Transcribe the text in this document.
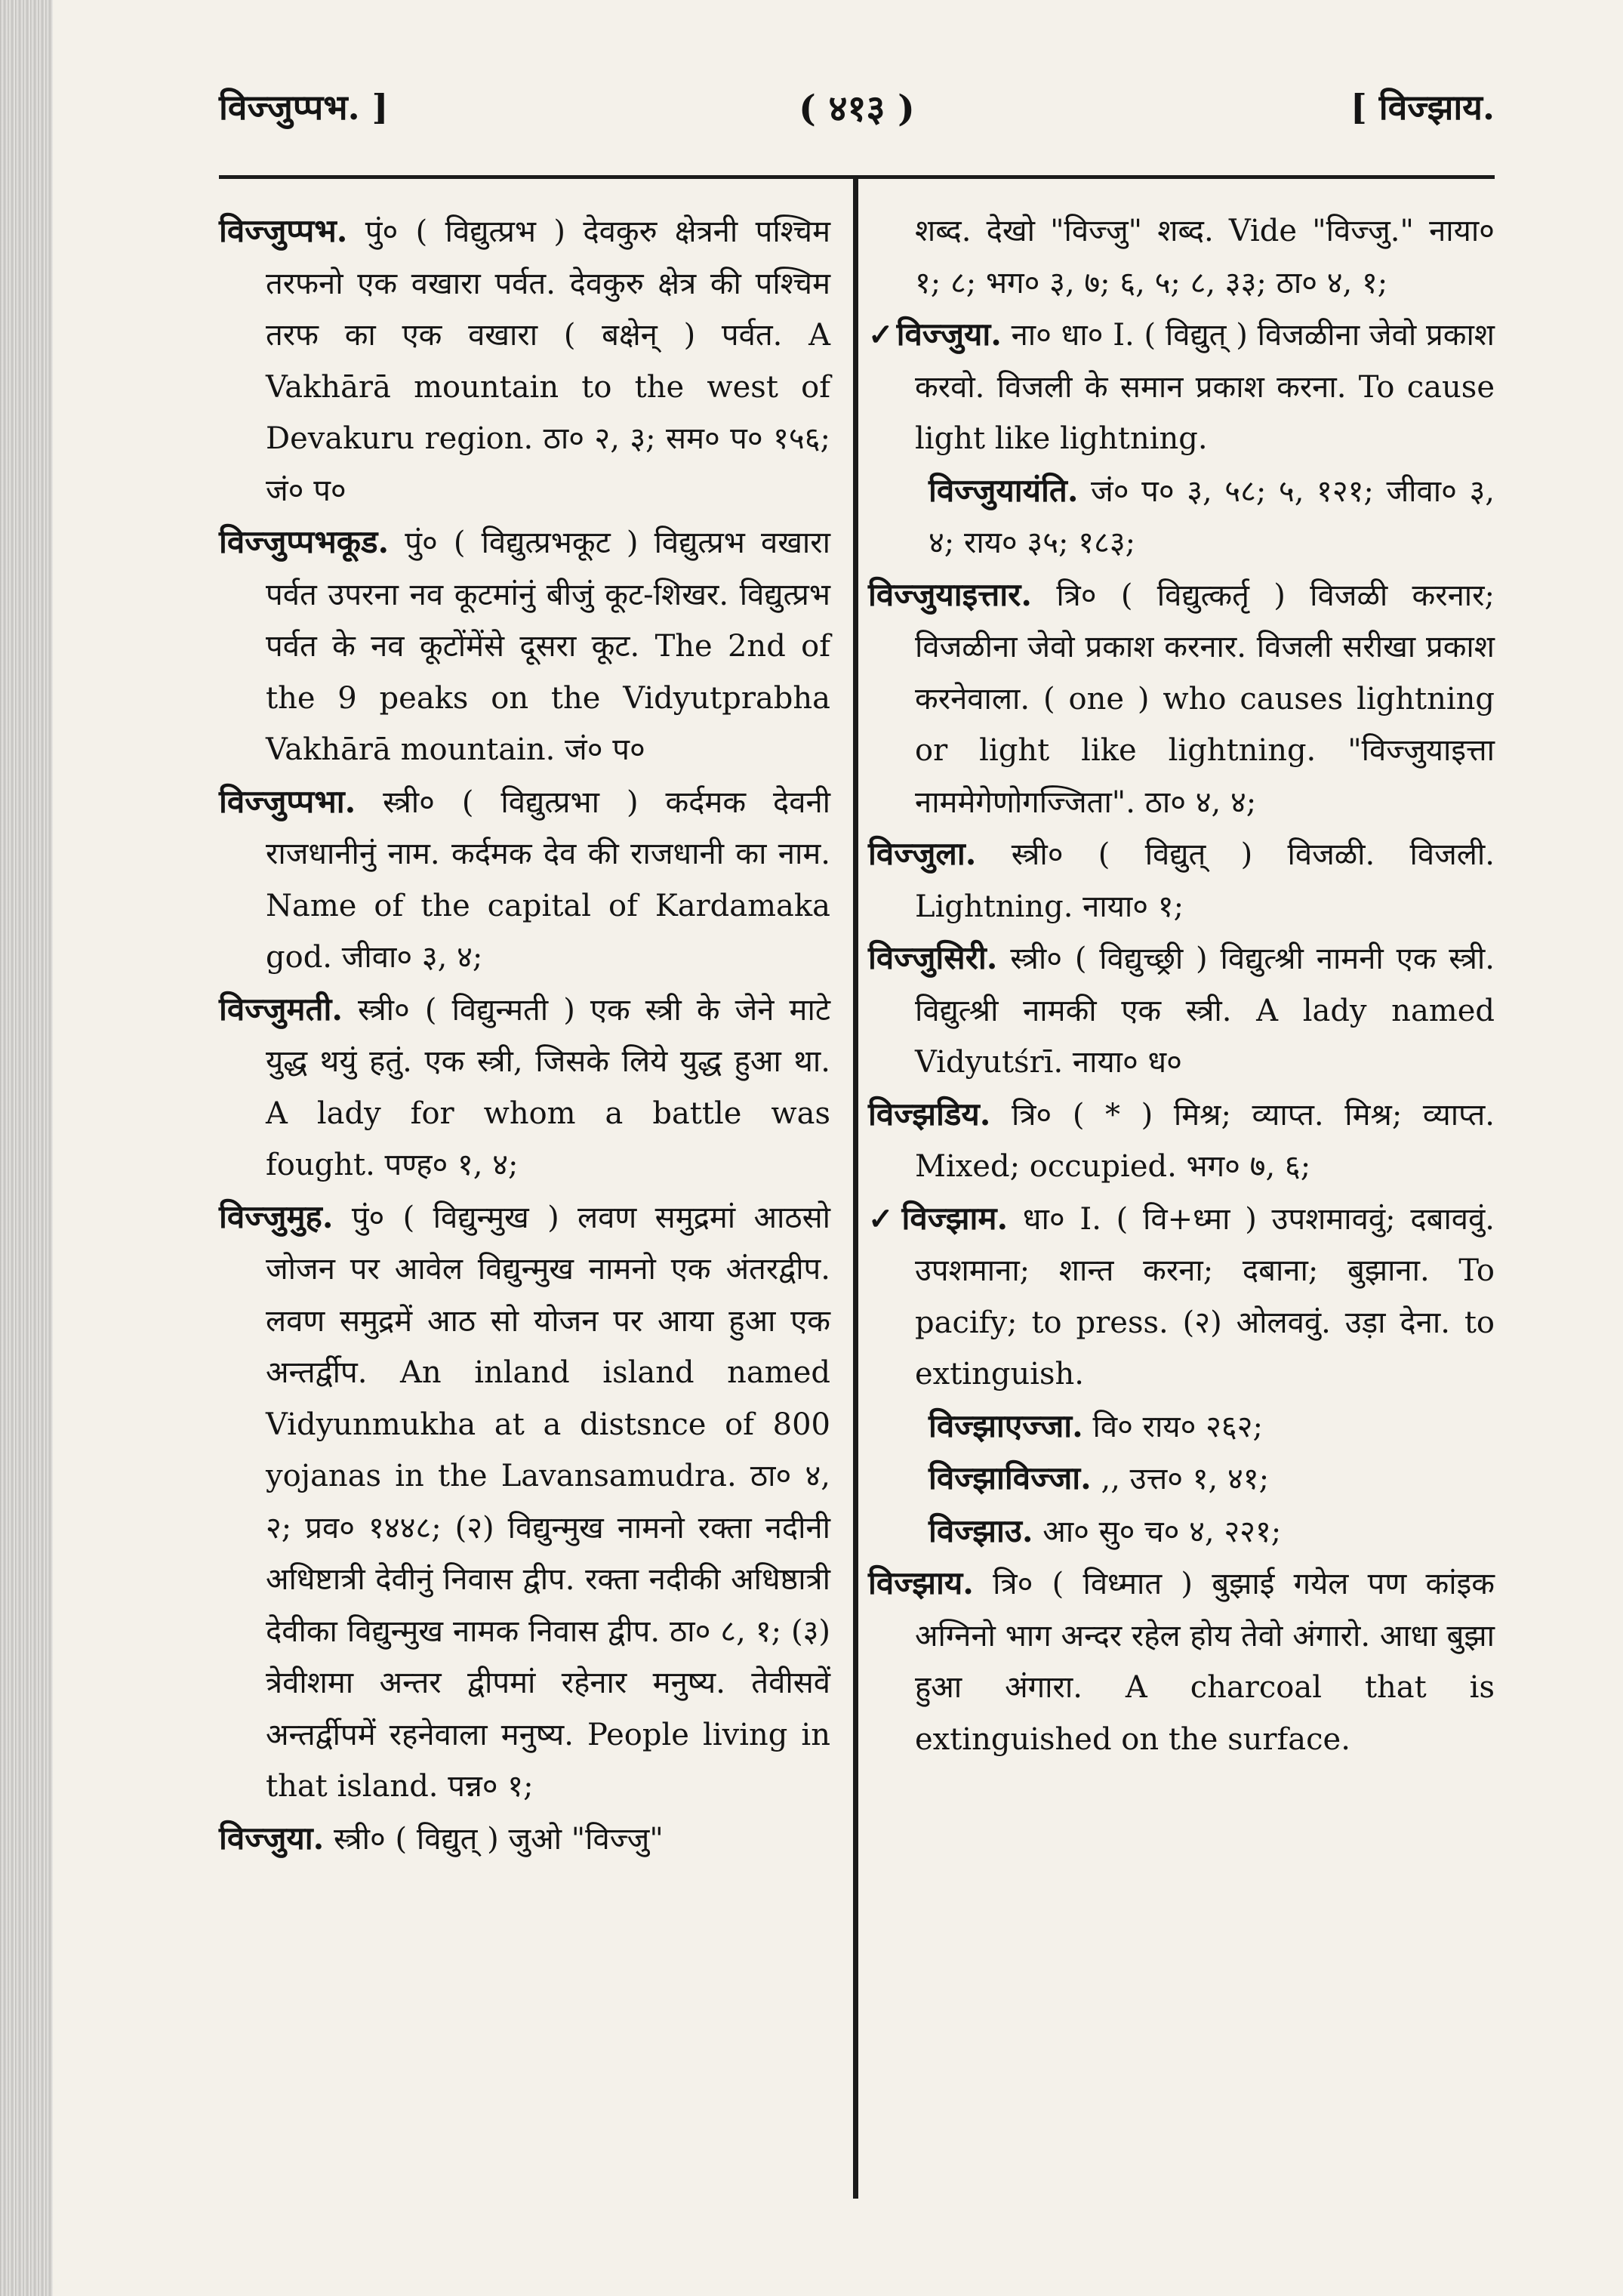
विज्जुप्पभ. ]	( ४१३ )	[ विज्झाय.

विज्जुप्पभ. पुं० ( विद्युत्प्रभ ) देवकुरु क्षेत्रनी पश्चिम तरफनो एक वखारा पर्वत. देवकुरु क्षेत्र की पश्चिम तरफ का एक वखारा ( बक्षेन् ) पर्वत. A Vakhārā mountain to the west of Devakuru region. ठा० २, ३; सम० प० १५६; जं० प०

विज्जुप्पभकूड. पुं० ( विद्युत्प्रभकूट ) विद्युत्प्रभ वखारा पर्वत उपरना नव कूटमांनुं बीजुं कूट-शिखर. विद्युत्प्रभ पर्वत के नव कूटोंमेंसे दूसरा कूट. The 2nd of the 9 peaks on the Vidyutprabha Vakhārā mountain. जं० प०

विज्जुप्पभा. स्त्री० ( विद्युत्प्रभा ) कर्दमक देवनी राजधानीनुं नाम. कर्दमक देव की राजधानी का नाम. Name of the capital of Kardamaka god. जीवा० ३, ४;

विज्जुमती. स्त्री० ( विद्युन्मती ) एक स्त्री के जेने माटे युद्ध थयुं हतुं. एक स्त्री, जिसके लिये युद्ध हुआ था. A lady for whom a battle was fought. पण्ह० १, ४;

विज्जुमुह. पुं० ( विद्युन्मुख ) लवण समुद्रमां आठसो जोजन पर आवेल विद्युन्मुख नामनो एक अंतरद्वीप. लवण समुद्रमें आठ सो योजन पर आया हुआ एक अन्तर्द्वीप. An inland island named Vidyunmukha at a distsnce of 800 yojanas in the Lavansamudra. ठा० ४, २; प्रव० १४४८; (२) विद्युन्मुख नामनो रक्ता नदीनी अधिष्टात्री देवीनुं निवास द्वीप. रक्ता नदीकी अधिष्ठात्री देवीका विद्युन्मुख नामक निवास द्वीप. ठा० ८, १; (३) त्रेवीशमा अन्तर द्वीपमां रहेनार मनुष्य. तेवीसवें अन्तर्द्वीपमें रहनेवाला मनुष्य. People living in that island. पन्न० १;

विज्जुया. स्त्री० ( विद्युत् ) जुओ "विज्जु"

शब्द. देखो "विज्जु" शब्द. Vide "विज्जु." नाया० १; ८; भग० ३, ७; ६, ५; ८, ३३; ठा० ४, १;

✓विज्जुया. ना० धा० I. ( विद्युत् ) विजळीना जेवो प्रकाश करवो. विजली के समान प्रकाश करना. To cause light like lightning.

विज्जुयायंति. जं० प० ३, ५८; ५, १२१; जीवा० ३, ४; राय० ३५; १८३;

विज्जुयाइत्तार. त्रि० ( विद्युत्कर्तृ ) विजळी करनार; विजळीना जेवो प्रकाश करनार. विजली सरीखा प्रकाश करनेवाला. ( one ) who causes lightning or light like lightning. "विज्जुयाइत्ता नाममेगेणोगज्जिता". ठा० ४, ४;

विज्जुला. स्त्री० ( विद्युत् ) विजळी. विजली. Lightning. नाया० १;

विज्जुसिरी. स्त्री० ( विद्युच्छ्री ) विद्युत्श्री नामनी एक स्त्री. विद्युत्श्री नामकी एक स्त्री. A lady named Vidyutśrī. नाया० ध०

विज्झडिय. त्रि० ( * ) मिश्र; व्याप्त. मिश्र; व्याप्त. Mixed; occupied. भग० ७, ६;

✓विज्झाम. धा० I. ( वि+ध्मा ) उपशमाववुं; दबाववुं. उपशमाना; शान्त करना; दबाना; बुझाना. To pacify; to press. (२) ओलववुं. उड़ा देना. to extinguish.

विज्झाएज्जा. वि० राय० २६२;

विज्झाविज्जा. ,, उत्त० १, ४१;

विज्झाउ. आ० सु० च० ४, २२१;

विज्झाय. त्रि० ( विध्मात ) बुझाई गयेल पण कांइक अग्निनो भाग अन्दर रहेल होय तेवो अंगारो. आधा बुझा हुआ अंगारा. A charcoal that is extinguished on the surface.
